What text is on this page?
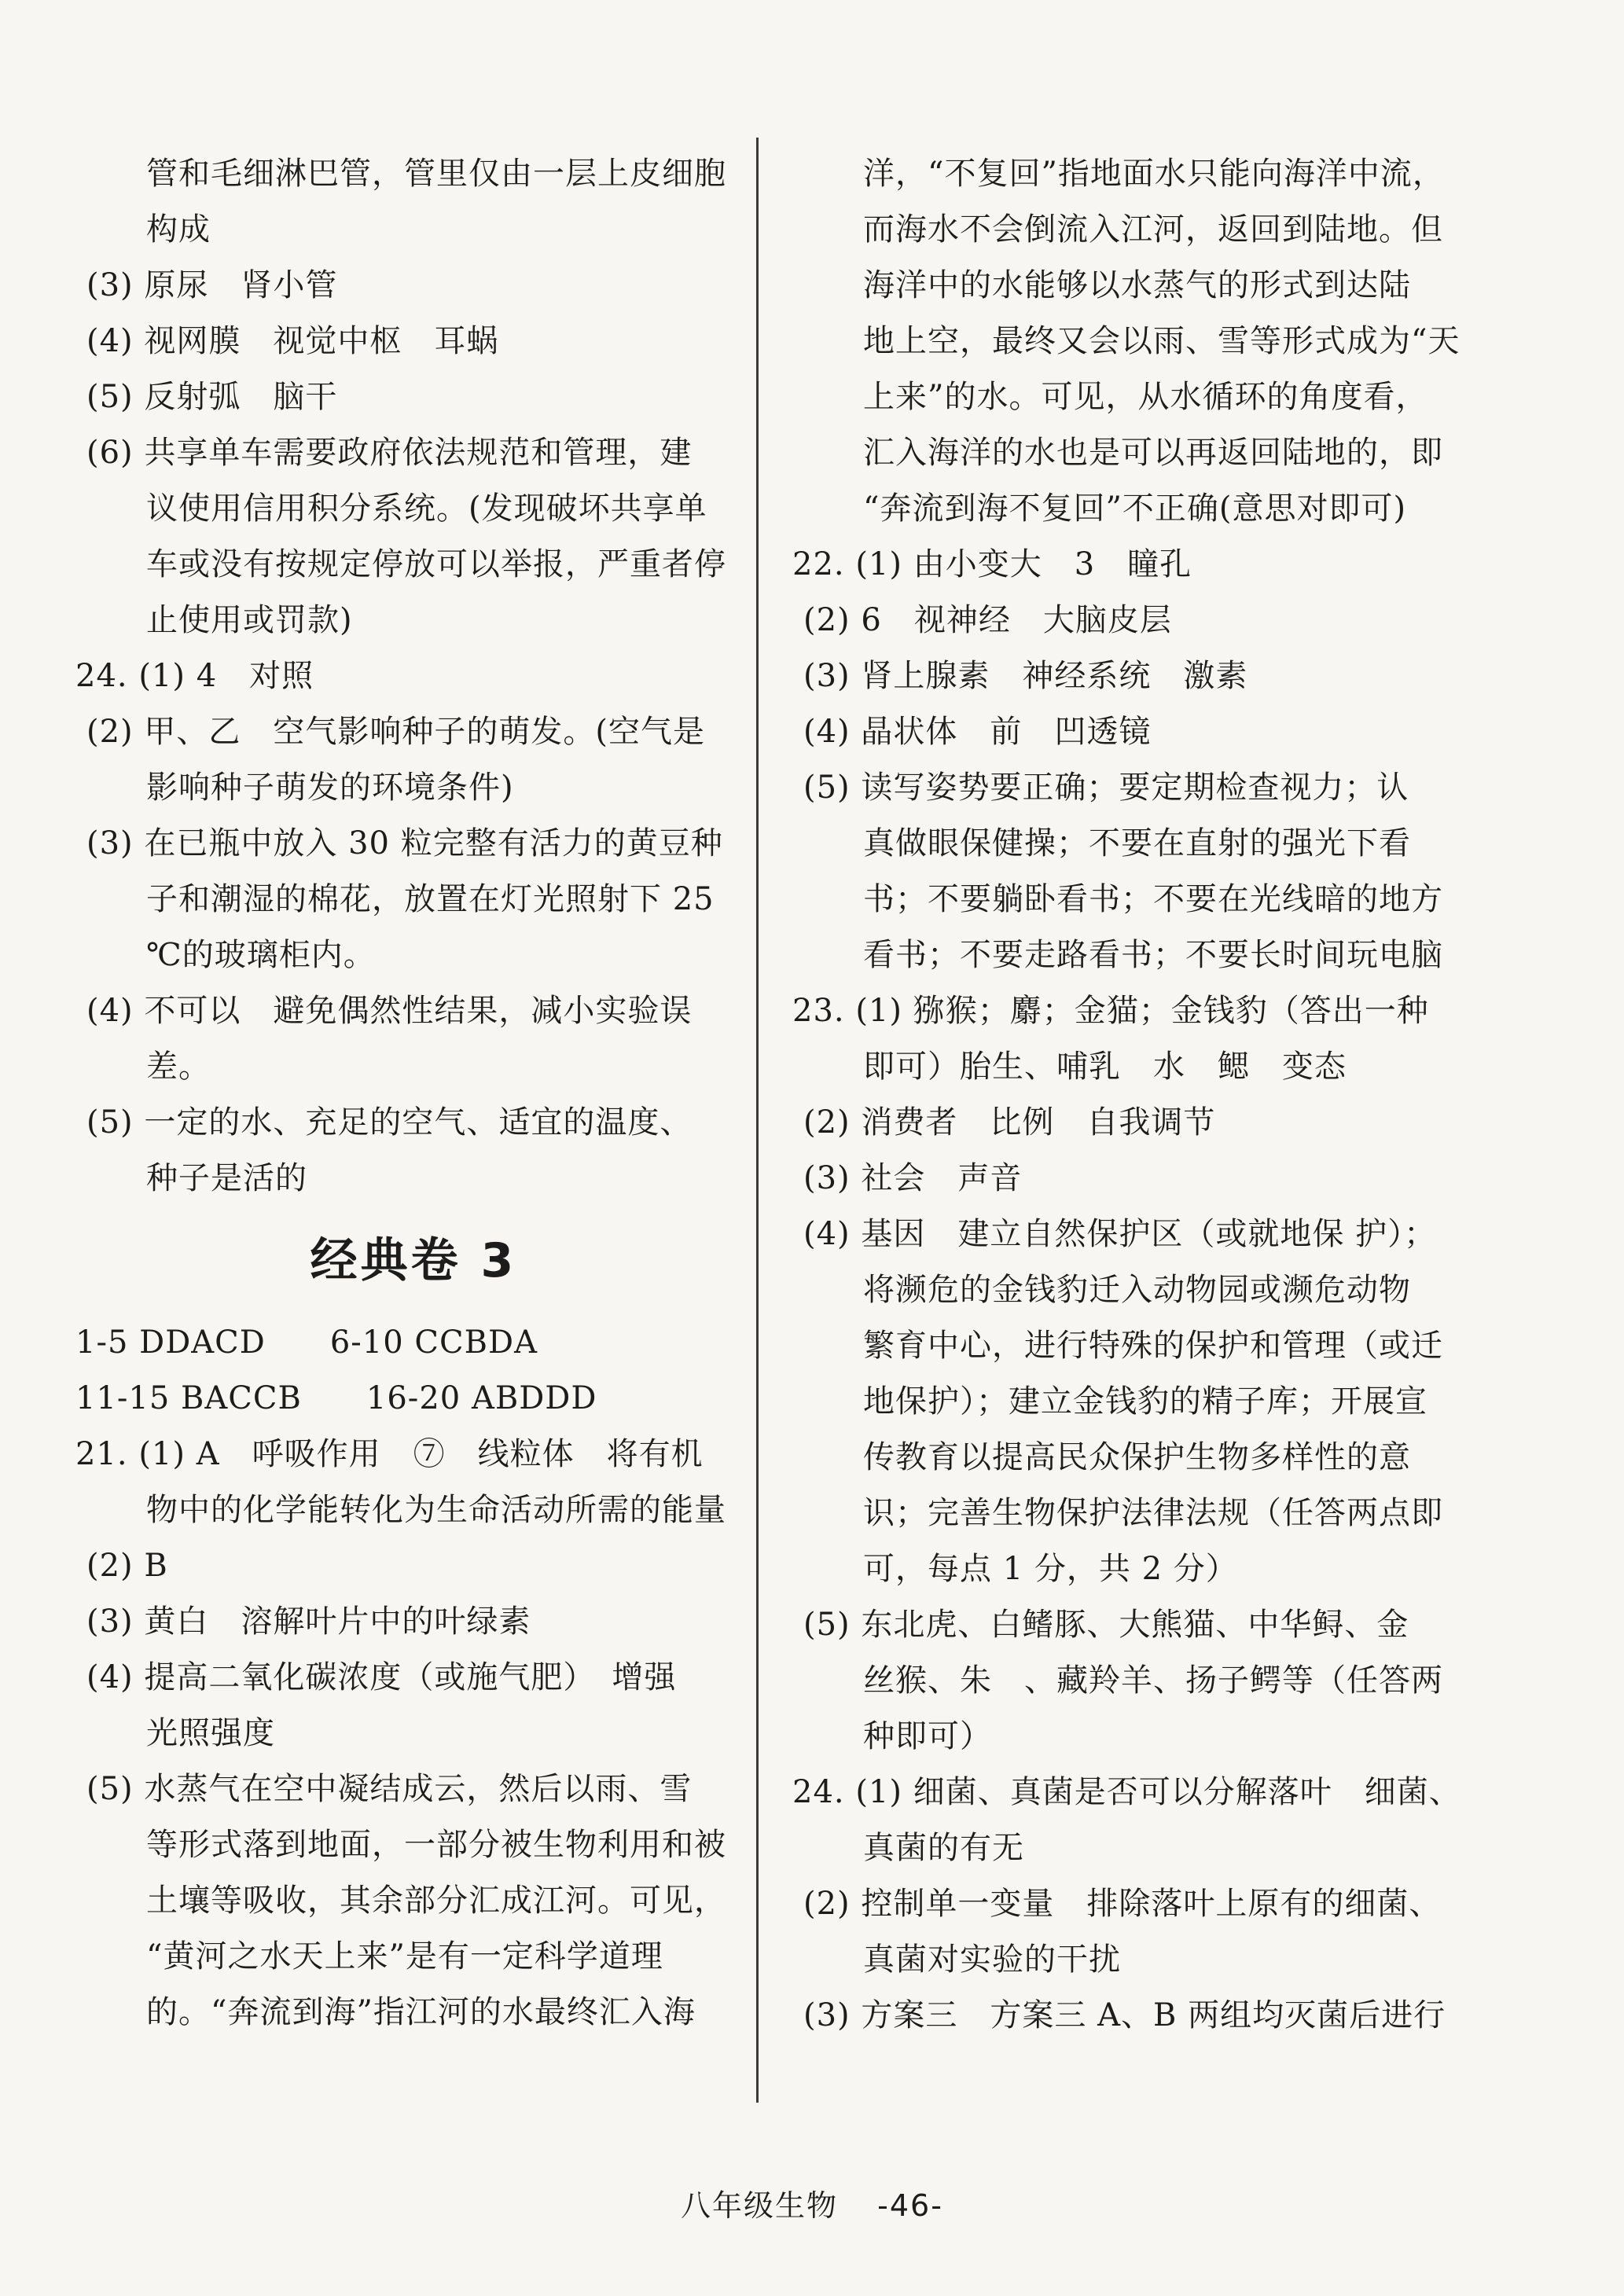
管和毛细淋巴管，管里仅由一层上皮细胞
构成
(3) 原尿　肾小管
(4) 视网膜　视觉中枢　耳蜗
(5) 反射弧　脑干
(6) 共享单车需要政府依法规范和管理，建
议使用信用积分系统。(发现破坏共享单
车或没有按规定停放可以举报，严重者停
止使用或罚款)
24. (1) 4　对照
(2) 甲、乙　空气影响种子的萌发。(空气是
影响种子萌发的环境条件)
(3) 在已瓶中放入 30 粒完整有活力的黄豆种
子和潮湿的棉花，放置在灯光照射下 25
℃的玻璃柜内。
(4) 不可以　避免偶然性结果，减小实验误
差。
(5) 一定的水、充足的空气、适宜的温度、
种子是活的
经典卷 3
1-5 DDACD　　6-10 CCBDA
11-15 BACCB　　16-20 ABDDD
21. (1) A　呼吸作用　⑦　线粒体　将有机
物中的化学能转化为生命活动所需的能量
(2) B
(3) 黄白　溶解叶片中的叶绿素
(4) 提高二氧化碳浓度（或施气肥）　增强
光照强度
(5) 水蒸气在空中凝结成云，然后以雨、雪
等形式落到地面，一部分被生物利用和被
土壤等吸收，其余部分汇成江河。可见，
“黄河之水天上来”是有一定科学道理
的。“奔流到海”指江河的水最终汇入海
洋，“不复回”指地面水只能向海洋中流，
而海水不会倒流入江河，返回到陆地。但
海洋中的水能够以水蒸气的形式到达陆
地上空，最终又会以雨、雪等形式成为“天
上来”的水。可见，从水循环的角度看，
汇入海洋的水也是可以再返回陆地的，即
“奔流到海不复回”不正确(意思对即可)
22. (1) 由小变大　3　瞳孔
(2) 6　视神经　大脑皮层
(3) 肾上腺素　神经系统　激素
(4) 晶状体　前　凹透镜
(5) 读写姿势要正确；要定期检查视力；认
真做眼保健操；不要在直射的强光下看
书；不要躺卧看书；不要在光线暗的地方
看书；不要走路看书；不要长时间玩电脑
23. (1) 猕猴；麝；金猫；金钱豹（答出一种
即可）胎生、哺乳　水　鳃　变态
(2) 消费者　比例　自我调节
(3) 社会　声音
(4) 基因　建立自然保护区（或就地保 护）；
将濒危的金钱豹迁入动物园或濒危动物
繁育中心，进行特殊的保护和管理（或迁
地保护）；建立金钱豹的精子库；开展宣
传教育以提高民众保护生物多样性的意
识；完善生物保护法律法规（任答两点即
可，每点 1 分，共 2 分）
(5) 东北虎、白鳍豚、大熊猫、中华鲟、金
丝猴、朱　、藏羚羊、扬子鳄等（任答两
种即可）
24. (1) 细菌、真菌是否可以分解落叶　细菌、
真菌的有无
(2) 控制单一变量　排除落叶上原有的细菌、
真菌对实验的干扰
(3) 方案三　方案三 A、B 两组均灭菌后进行
八年级生物 -46-
